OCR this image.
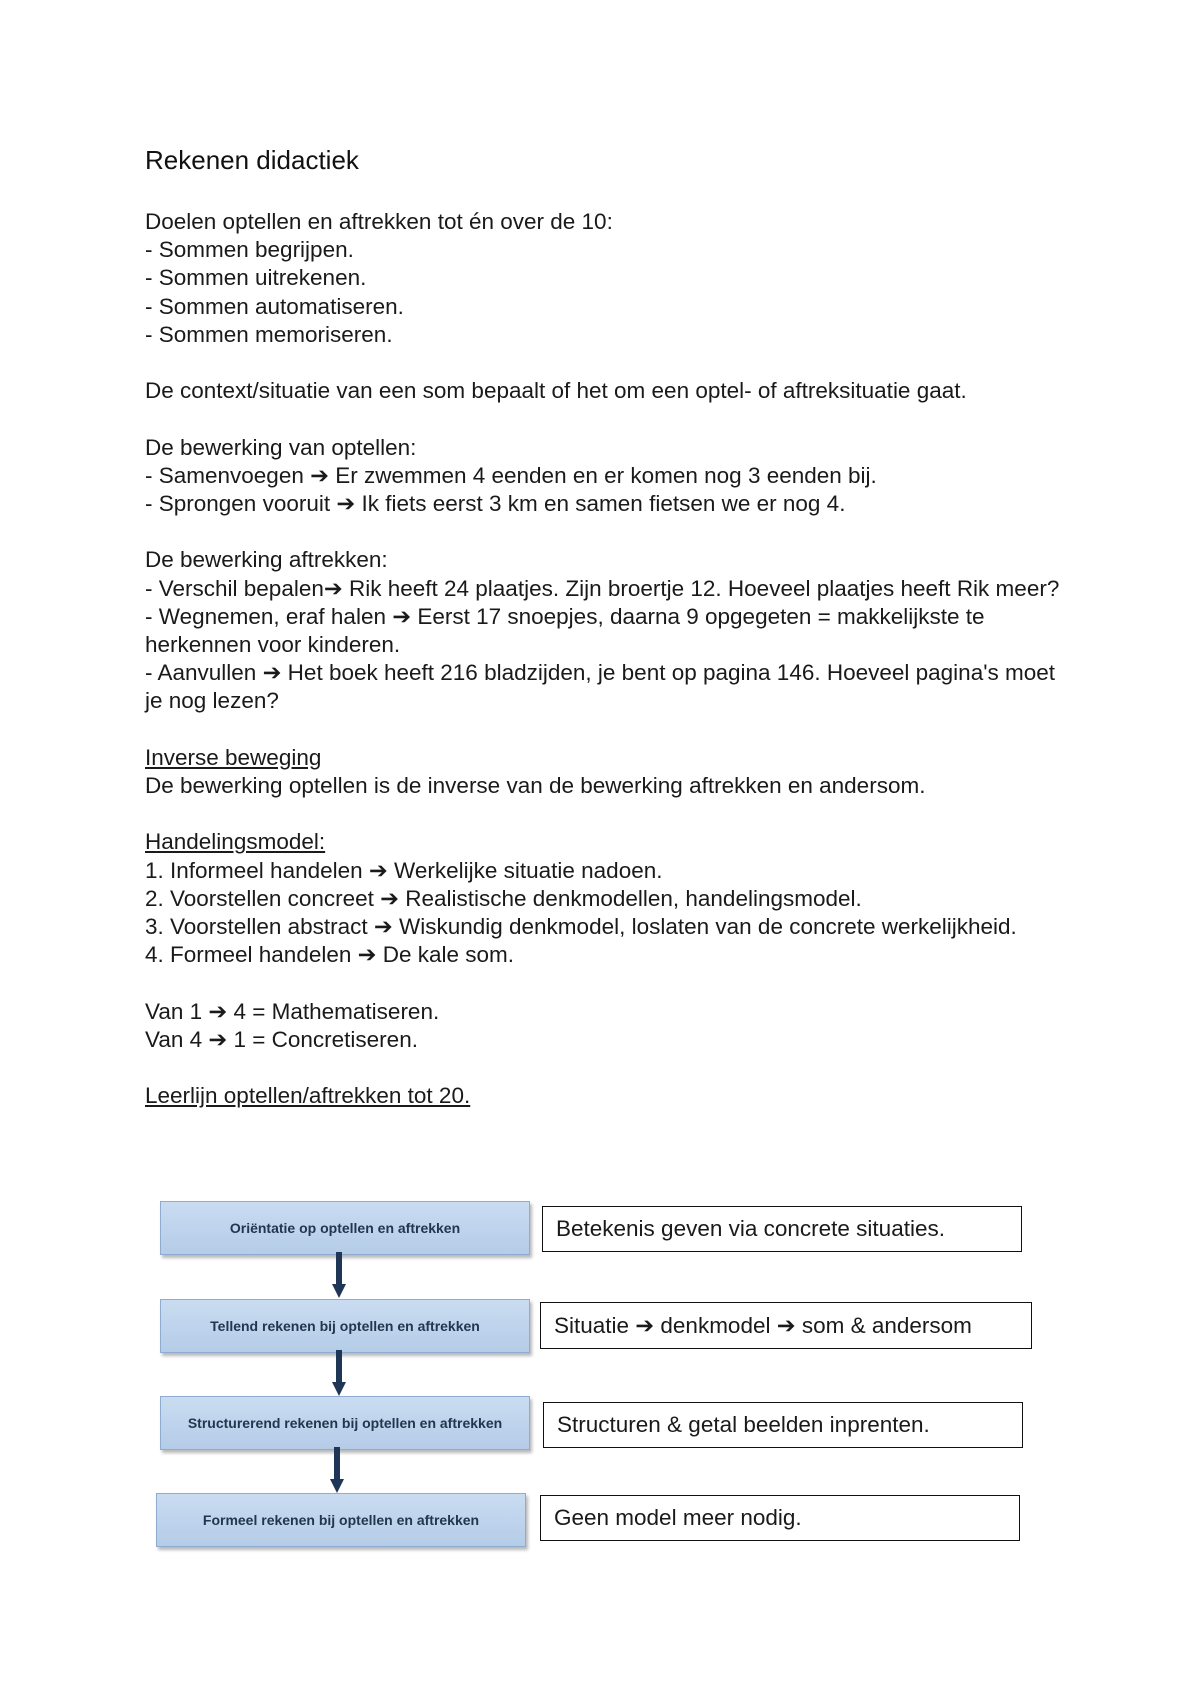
Rekenen didactiek

Doelen optellen en aftrekken tot én over de 10:

- Sommen begrijpen.

- Sommen uitrekenen.

- Sommen automatiseren.

- Sommen memoriseren.

De context/situatie van een som bepaalt of het om een optel- of aftreksituatie gaat.

De bewerking van optellen:

- Samenvoegen ➔ Er zwemmen 4 eenden en er komen nog 3 eenden bij.

- Sprongen vooruit ➔ Ik fiets eerst 3 km en samen fietsen we er nog 4.

De bewerking aftrekken:

- Verschil bepalen➔ Rik heeft 24 plaatjes. Zijn broertje 12. Hoeveel plaatjes heeft Rik meer?

- Wegnemen, eraf halen ➔ Eerst 17 snoepjes, daarna 9 opgegeten = makkelijkste te herkennen voor kinderen.

- Aanvullen ➔ Het boek heeft 216 bladzijden, je bent op pagina 146. Hoeveel pagina's moet je nog lezen?

Inverse beweging

De bewerking optellen is de inverse van de bewerking aftrekken en andersom.

Handelingsmodel:

1. Informeel handelen ➔ Werkelijke situatie nadoen.

2. Voorstellen concreet ➔ Realistische denkmodellen, handelingsmodel.

3. Voorstellen abstract ➔ Wiskundig denkmodel, loslaten van de concrete werkelijkheid.

4. Formeel handelen ➔ De kale som.

Van 1 ➔ 4 = Mathematiseren.

Van 4 ➔ 1 = Concretiseren.

Leerlijn optellen/aftrekken tot 20.

Oriëntatie op optellen en aftrekken
Tellend rekenen bij optellen en aftrekken
Structurerend rekenen bij optellen en aftrekken
Formeel rekenen bij optellen en aftrekken
Betekenis geven via concrete situaties.
Situatie ➔ denkmodel ➔ som & andersom
Structuren & getal beelden inprenten.
Geen model meer nodig.
